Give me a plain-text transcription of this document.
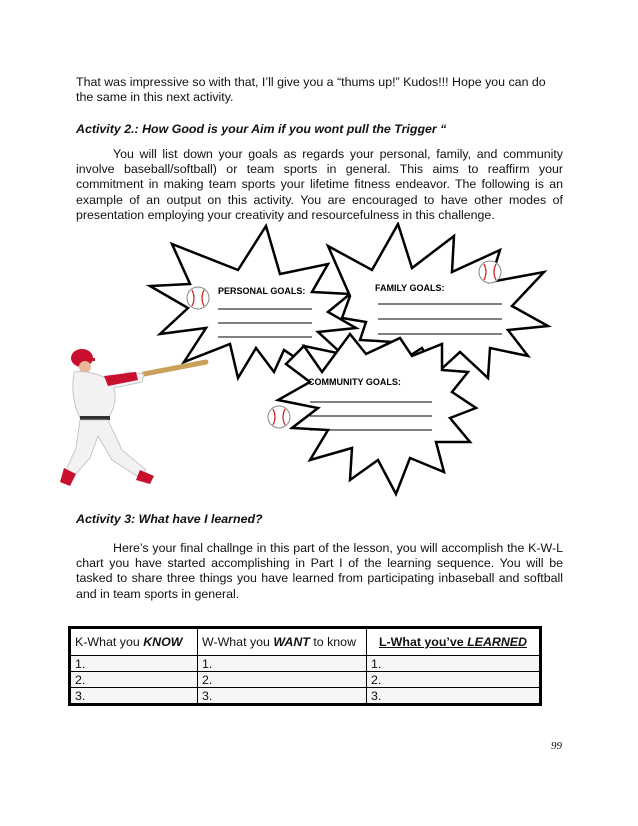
That was impressive so with that, I’ll give you a “thums up!” Kudos!!! Hope you can do the same in this next activity.

Activity 2.: How Good is your Aim if you wont pull the Trigger “

You will list down your goals as regards your personal, family, and community involve baseball/softball) or team sports in general. This aims to reaffirm your commitment in making team sports your lifetime fitness endeavor. The following is an example of an output on this activity. You are encouraged to have other modes of presentation employing your creativity and resourcefulness in this challenge.

PERSONAL GOALS:	FAMILY GOALS:
COMMUNITY GOALS:

Activity 3: What have I learned?

Here’s your final challnge in this part of the lesson, you will accomplish the K-W-L chart you have started accomplishing in Part I of the learning sequence. You will be tasked to share three things you have learned from participating inbaseball and softball and in team sports in general.

K-What you KNOW	W-What you WANT to know	L-What you’ve LEARNED
1.	1.	1.
2.	2.	2.
3.	3.	3.
99
